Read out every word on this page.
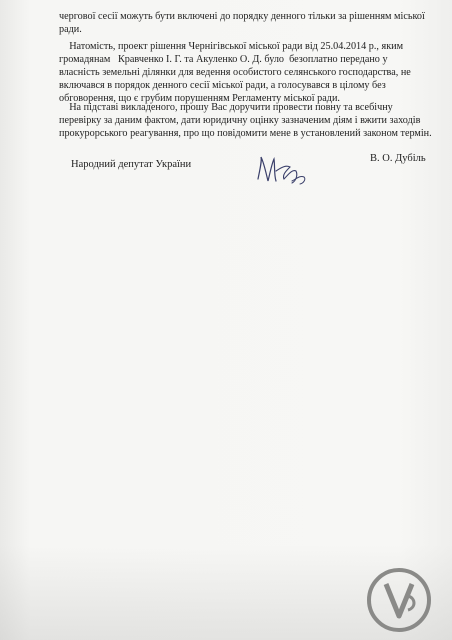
чергової сесії можуть бути включені до порядку денного тільки за рішенням міської
ради.
Натомість, проект рішення Чернігівської міської ради від 25.04.2014 р., яким
громадянам   Кравченко І. Г. та Акуленко О. Д. було  безоплатно передано у
власність земельні ділянки для ведення особистого селянського господарства, не
включався в порядок денного сесії міської ради, а голосувався в цілому без
обговорення, що є грубим порушенням Регламенту міської ради.
На підставі викладеного, прошу Вас доручити провести повну та всебічну
перевірку за даним фактом, дати юридичну оцінку зазначеним діям і вжити заходів
прокурорського реагування, про що повідомити мене в установлений законом термін.
Народний депутат України
В. О. Дубіль
